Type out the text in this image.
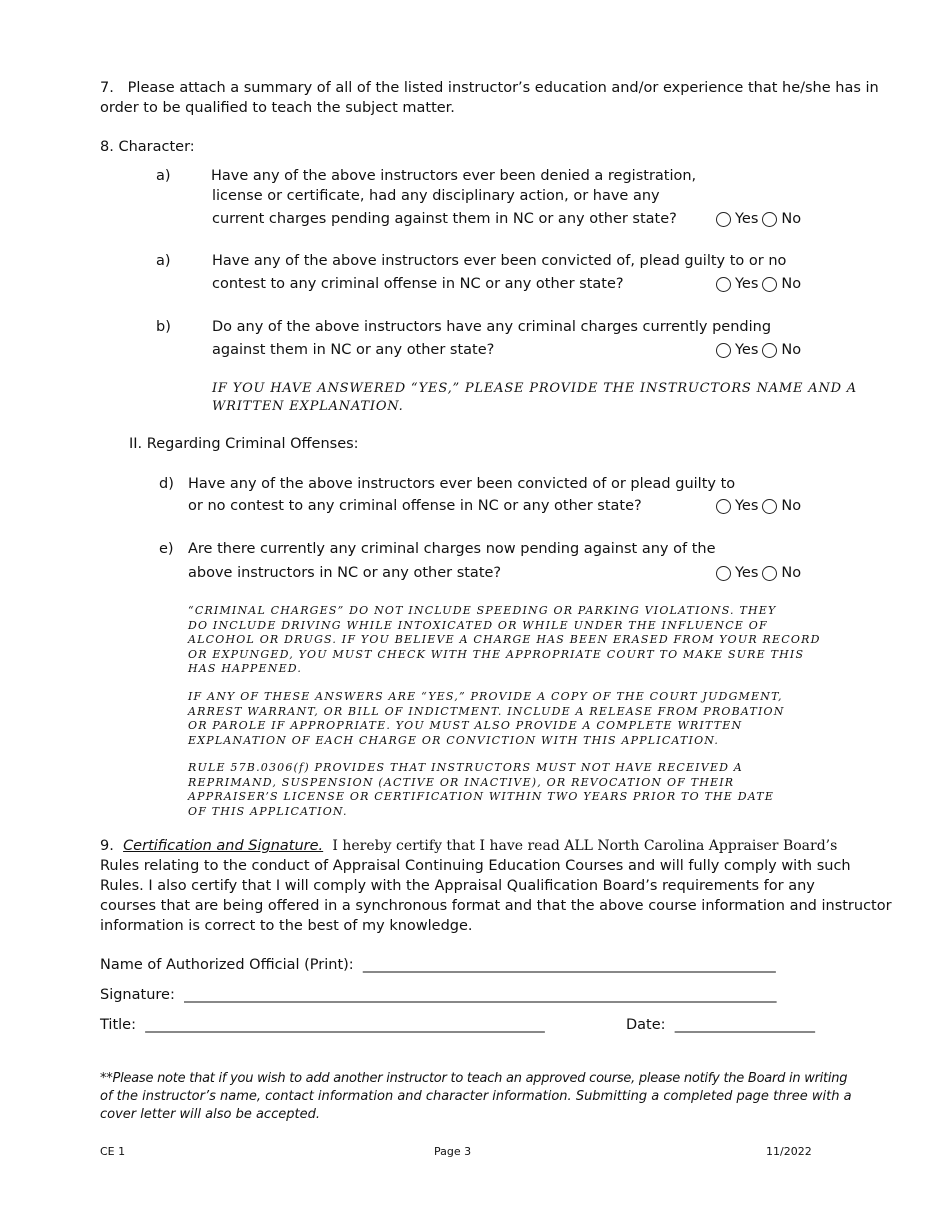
7. Please attach a summary of all of the listed instructor’s education and/or experience that he/she has in
order to be qualified to teach the subject matter.
8. Character:
a)	Have any of the above instructors ever been denied a registration,
license or certificate, had any disciplinary action, or have any
current charges pending against them in NC or any other state?	Yes No
a)	Have any of the above instructors ever been convicted of, plead guilty to or no
contest to any criminal offense in NC or any other state?	Yes No
b)	Do any of the above instructors have any criminal charges currently pending
against them in NC or any other state?	Yes No
IF YOU HAVE ANSWERED “YES,” PLEASE PROVIDE THE INSTRUCTORS NAME AND A
WRITTEN EXPLANATION.
II. Regarding Criminal Offenses:
d) Have any of the above instructors ever been convicted of or plead guilty to
or no contest to any criminal offense in NC or any other state?	Yes No
e) Are there currently any criminal charges now pending against any of the
above instructors in NC or any other state?	Yes No
“CRIMINAL CHARGES” DO NOT INCLUDE SPEEDING OR PARKING VIOLATIONS. THEY
DO INCLUDE DRIVING WHILE INTOXICATED OR WHILE UNDER THE INFLUENCE OF
ALCOHOL OR DRUGS. IF YOU BELIEVE A CHARGE HAS BEEN ERASED FROM YOUR RECORD
OR EXPUNGED, YOU MUST CHECK WITH THE APPROPRIATE COURT TO MAKE SURE THIS
HAS HAPPENED.
IF ANY OF THESE ANSWERS ARE “YES,” PROVIDE A COPY OF THE COURT JUDGMENT,
ARREST WARRANT, OR BILL OF INDICTMENT. INCLUDE A RELEASE FROM PROBATION
OR PAROLE IF APPROPRIATE. YOU MUST ALSO PROVIDE A COMPLETE WRITTEN
EXPLANATION OF EACH CHARGE OR CONVICTION WITH THIS APPLICATION.
RULE 57B.0306(f) PROVIDES THAT INSTRUCTORS MUST NOT HAVE RECEIVED A
REPRIMAND, SUSPENSION (ACTIVE OR INACTIVE), OR REVOCATION OF THEIR
APPRAISER’S LICENSE OR CERTIFICATION WITHIN TWO YEARS PRIOR TO THE DATE
OF THIS APPLICATION.
9. Certification and Signature. I hereby certify that I have read ALL North Carolina Appraiser Board’s
Rules relating to the conduct of Appraisal Continuing Education Courses and will fully comply with such
Rules. I also certify that I will comply with the Appraisal Qualification Board’s requirements for any
courses that are being offered in a synchronous format and that the above course information and instructor
information is correct to the best of my knowledge.
Name of Authorized Official (Print): ______________________________________________________________
Signature: _________________________________________________________________________________________
Title: ____________________________________________________________	Date: _____________________
**Please note that if you wish to add another instructor to teach an approved course, please notify the Board in writing
of the instructor’s name, contact information and character information. Submitting a completed page three with a
cover letter will also be accepted.
CE 1	Page 3	11/2022
